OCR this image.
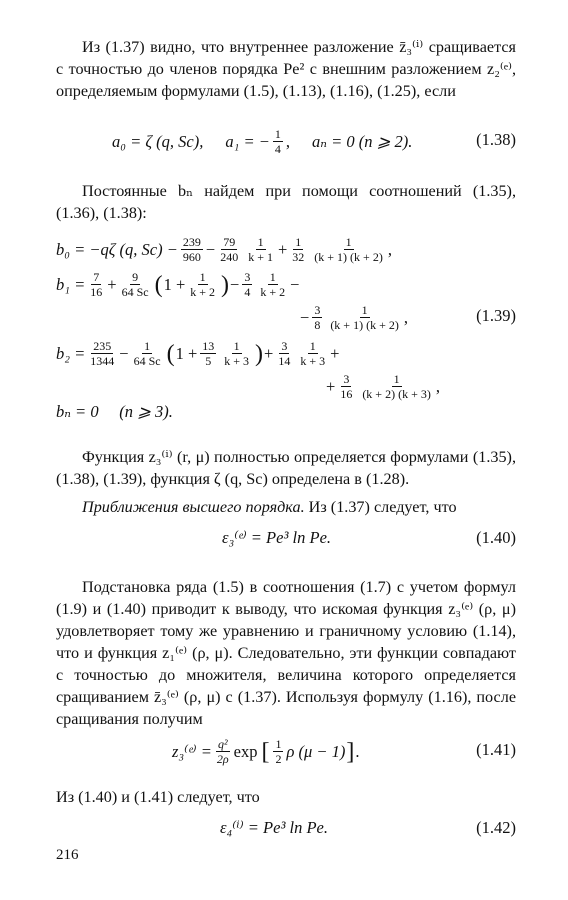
Из (1.37) видно, что внутреннее разложение z̄₃⁽ⁱ⁾ сращивается с точностью до членов порядка Pe² с внешним разложением z₂⁽ᵉ⁾, определяемым формулами (1.5), (1.13), (1.16), (1.25), если
a₀ = ζ (q, Sc), a₁ = − $\frac{1}{4}$ , aₙ = 0 (n ⩾ 2).	(1.38)
Постоянные bₙ найдем при помощи соотношений (1.35), (1.36), (1.38):
b₀ = −qζ (q, $Sc) - \frac{239}{960} - \frac{79}{240} \frac{1}{k + 1} + \frac{1}{32} \frac{1}{(k + 1) (k + 2)}$ ,
$b_1 = \frac{7}{16} + \frac{9}{64 Sc}$ ( $1 + \frac{1}{k + 2}$ ) − $\frac{3}{4} \frac{1}{k + 2}$ −
− $\frac{3}{8} \frac{1}{(k + 1) (k + 2)}$ ,	(1.39)
$b_2 = \frac{235}{1344} - \frac{1}{64 Sc}$ ( $1 + \frac{13}{5} \frac{1}{k + 3}$ ) + $\frac{3}{14} \frac{1}{k + 3}$ +
+ $\frac{3}{16} \frac{1}{(k + 2) (k + 3)}$ ,
bₙ = 0     (n ⩾ 3).
Функция z₃⁽ⁱ⁾ (r, μ) полностью определяется формулами (1.35), (1.38), (1.39), функция ζ (q, Sc) определена в (1.28).
Приближения высшего порядка. Из (1.37) следует, что
ε₃⁽ᵉ⁾ = Pe³ ln Pe.	(1.40)
Подстановка ряда (1.5) в соотношения (1.7) с учетом формул (1.9) и (1.40) приводит к выводу, что искомая функция z₃⁽ᵉ⁾ (ρ, μ) удовлетворяет тому же уравнению и граничному условию (1.14), что и функция z₁⁽ᵉ⁾ (ρ, μ). Следовательно, эти функции совпадают с точностью до множителя, величина которого определяется сращиванием z̄₃⁽ᵉ⁾ (ρ, μ) с (1.37). Используя формулу (1.16), после сращивания получим
z₃⁽ᵉ⁾ = $\frac{\text{q²}}{2\rho}$ exp [ $\frac{1}{2}$ ρ (μ − 1) ] .	(1.41)
Из (1.40) и (1.41) следует, что
ε₄⁽ⁱ⁾ = Pe³ ln Pe.	(1.42)
216
